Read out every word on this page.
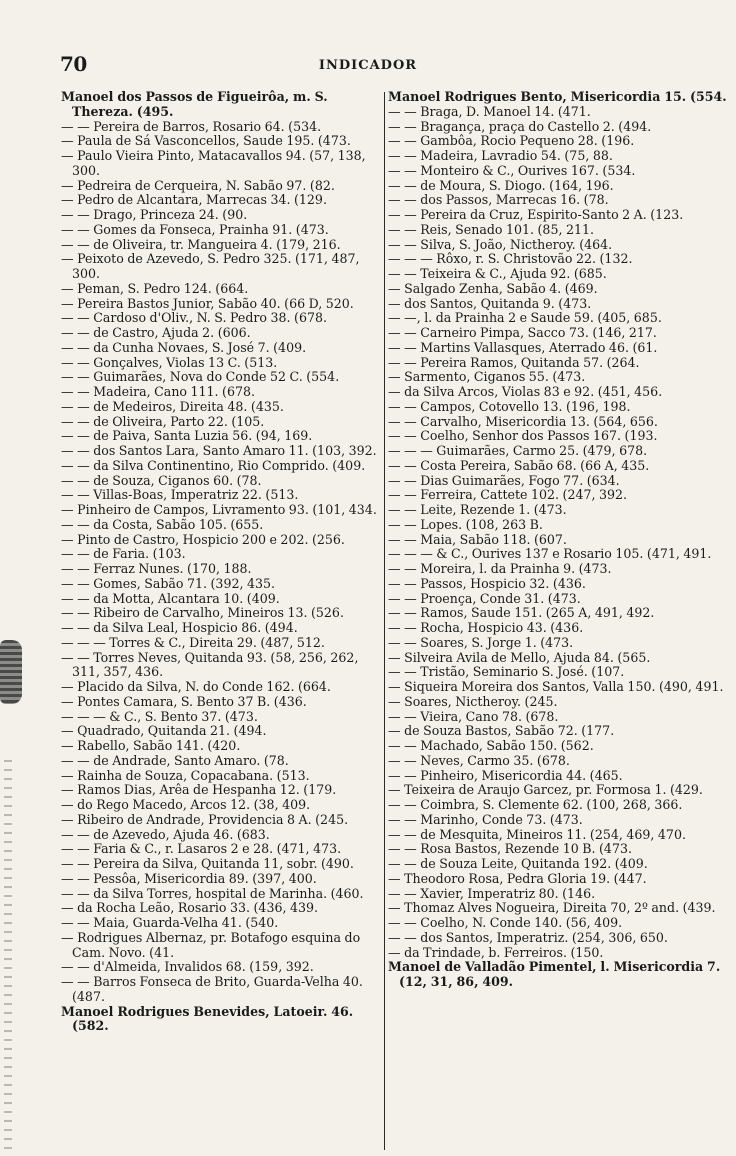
70	INDICADOR
Manoel dos Passos de Figueirôa, m. S. Thereza. (495.
— — Pereira de Barros, Rosario 64. (534.
— Paula de Sá Vasconcellos, Saude 195. (473.
— Paulo Vieira Pinto, Matacavallos 94. (57, 138, 300.
— Pedreira de Cerqueira, N. Sabão 97. (82.
— Pedro de Alcantara, Marrecas 34. (129.
— — Drago, Princeza 24. (90.
— — Gomes da Fonseca, Prainha 91. (473.
— — de Oliveira, tr. Mangueira 4. (179, 216.
— Peixoto de Azevedo, S. Pedro 325. (171, 487, 300.
— Peman, S. Pedro 124. (664.
— Pereira Bastos Junior, Sabão 40. (66 D, 520.
— — Cardoso d'Oliv., N. S. Pedro 38. (678.
— — de Castro, Ajuda 2. (606.
— — da Cunha Novaes, S. José 7. (409.
— — Gonçalves, Violas 13 C. (513.
— — Guimarães, Nova do Conde 52 C. (554.
— — Madeira, Cano 111. (678.
— — de Medeiros, Direita 48. (435.
— — de Oliveira, Parto 22. (105.
— — de Paiva, Santa Luzia 56. (94, 169.
— — dos Santos Lara, Santo Amaro 11. (103, 392.
— — da Silva Continentino, Rio Comprido. (409.
— — de Souza, Ciganos 60. (78.
— — Villas-Boas, Imperatriz 22. (513.
— Pinheiro de Campos, Livramento 93. (101, 434.
— — da Costa, Sabão 105. (655.
— Pinto de Castro, Hospicio 200 e 202. (256.
— — de Faria. (103.
— — Ferraz Nunes. (170, 188.
— — Gomes, Sabão 71. (392, 435.
— — da Motta, Alcantara 10. (409.
— — Ribeiro de Carvalho, Mineiros 13. (526.
— — da Silva Leal, Hospicio 86. (494.
— — — Torres & C., Direita 29. (487, 512.
— — Torres Neves, Quitanda 93. (58, 256, 262, 311, 357, 436.
— Placido da Silva, N. do Conde 162. (664.
— Pontes Camara, S. Bento 37 B. (436.
— — — & C., S. Bento 37. (473.
— Quadrado, Quitanda 21. (494.
— Rabello, Sabão 141. (420.
— — de Andrade, Santo Amaro. (78.
— Rainha de Souza, Copacabana. (513.
— Ramos Dias, Arêa de Hespanha 12. (179.
— do Rego Macedo, Arcos 12. (38, 409.
— Ribeiro de Andrade, Providencia 8 A. (245.
— — de Azevedo, Ajuda 46. (683.
— — Faria & C., r. Lasaros 2 e 28. (471, 473.
— — Pereira da Silva, Quitanda 11, sobr. (490.
— — Pessôa, Misericordia 89. (397, 400.
— — da Silva Torres, hospital de Marinha. (460.
— da Rocha Leão, Rosario 33. (436, 439.
— — Maia, Guarda-Velha 41. (540.
— Rodrigues Albernaz, pr. Botafogo esquina do Cam. Novo. (41.
— — d'Almeida, Invalidos 68. (159, 392.
— — Barros Fonseca de Brito, Guarda-Velha 40. (487.
Manoel Rodrigues Benevides, Latoeir. 46. (582.
Manoel Rodrigues Bento, Misericordia 15. (554.
— — Braga, D. Manoel 14. (471.
— — Bragança, praça do Castello 2. (494.
— — Gambôa, Rocio Pequeno 28. (196.
— — Madeira, Lavradio 54. (75, 88.
— — Monteiro & C., Ourives 167. (534.
— — de Moura, S. Diogo. (164, 196.
— — dos Passos, Marrecas 16. (78.
— — Pereira da Cruz, Espirito-Santo 2 A. (123.
— — Reis, Senado 101. (85, 211.
— — Silva, S. João, Nictheroy. (464.
— — — Rôxo, r. S. Christovão 22. (132.
— — Teixeira & C., Ajuda 92. (685.
— Salgado Zenha, Sabão 4. (469.
— dos Santos, Quitanda 9. (473.
— —, l. da Prainha 2 e Saude 59. (405, 685.
— — Carneiro Pimpa, Sacco 73. (146, 217.
— — Martins Vallasques, Aterrado 46. (61.
— — Pereira Ramos, Quitanda 57. (264.
— Sarmento, Ciganos 55. (473.
— da Silva Arcos, Violas 83 e 92. (451, 456.
— — Campos, Cotovello 13. (196, 198.
— — Carvalho, Misericordia 13. (564, 656.
— — Coelho, Senhor dos Passos 167. (193.
— — — Guimarães, Carmo 25. (479, 678.
— — Costa Pereira, Sabão 68. (66 A, 435.
— — Dias Guimarães, Fogo 77. (634.
— — Ferreira, Cattete 102. (247, 392.
— — Leite, Rezende 1. (473.
— — Lopes. (108, 263 B.
— — Maia, Sabão 118. (607.
— — — & C., Ourives 137 e Rosario 105. (471, 491.
— — Moreira, l. da Prainha 9. (473.
— — Passos, Hospicio 32. (436.
— — Proença, Conde 31. (473.
— — Ramos, Saude 151. (265 A, 491, 492.
— — Rocha, Hospicio 43. (436.
— — Soares, S. Jorge 1. (473.
— Silveira Avila de Mello, Ajuda 84. (565.
— — Tristão, Seminario S. José. (107.
— Siqueira Moreira dos Santos, Valla 150. (490, 491.
— Soares, Nictheroy. (245.
— — Vieira, Cano 78. (678.
— de Souza Bastos, Sabão 72. (177.
— — Machado, Sabão 150. (562.
— — Neves, Carmo 35. (678.
— — Pinheiro, Misericordia 44. (465.
— Teixeira de Araujo Garcez, pr. Formosa 1. (429.
— — Coimbra, S. Clemente 62. (100, 268, 366.
— — Marinho, Conde 73. (473.
— — de Mesquita, Mineiros 11. (254, 469, 470.
— — Rosa Bastos, Rezende 10 B. (473.
— — de Souza Leite, Quitanda 192. (409.
— Theodoro Rosa, Pedra Gloria 19. (447.
— — Xavier, Imperatriz 80. (146.
— Thomaz Alves Nogueira, Direita 70, 2º and. (439.
— — Coelho, N. Conde 140. (56, 409.
— — dos Santos, Imperatriz. (254, 306, 650.
— da Trindade, b. Ferreiros. (150.
Manoel de Valladão Pimentel, l. Misericordia 7. (12, 31, 86, 409.
